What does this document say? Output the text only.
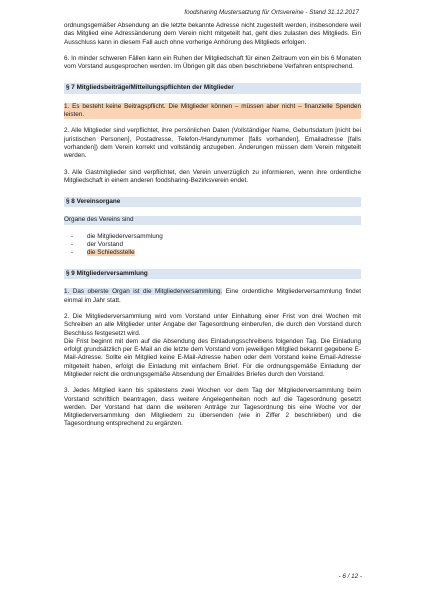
foodsharing Mustersatzung für Ortsvereine - Stand 31.12.2017

ordnungsgemäßer Absendung an die letzte bekannte Adresse nicht zugestellt werden, insbesondere weil das Mitglied eine Adressänderung dem Verein nicht mitgeteilt hat, geht dies zulasten des Mitglieds. Ein Ausschluss kann in diesem Fall auch ohne vorherige Anhörung des Mitglieds erfolgen.

6. In minder schweren Fällen kann ein Ruhen der Mitgliedschaft für einen Zeitraum von ein bis 6 Monaten vom Vorstand ausgesprochen werden. Im Übrigen gilt das oben beschriebene Verfahren entsprechend.

§ 7 Mitgliedsbeiträge/Mitteilungspflichten der Mitglieder

1. Es besteht keine Beitragspflicht. Die Mitglieder können – müssen aber nicht – finanzielle Spenden leisten.

2. Alle Mitglieder sind verpflichtet, ihre persönlichen Daten (Vollständiger Name, Geburtsdatum [nicht bei juristischen Personen], Postadresse, Telefon-/Handynummer [falls vorhanden], Emailadresse [falls vorhanden]) dem Verein korrekt und vollständig anzugeben. Änderungen müssen dem Verein mitgeteilt werden.

3. Alle Gastmitglieder sind verpflichtet, den Verein unverzüglich zu informieren, wenn ihre ordentliche Mitgliedschaft in einem anderen foodsharing-Bezirksverein endet.

§ 8 Vereinsorgane

Organe des Vereins sind

- die Mitgliederversammlung
- der Vorstand
- die Schiedsstelle
§ 9 Mitgliederversammlung

1. Das oberste Organ ist die Mitgliederversammlung. Eine ordentliche Mitgliederversammlung findet einmal im Jahr statt.

2. Die Mitgliederversammlung wird vom Vorstand unter Einhaltung einer Frist von drei Wochen mit Schreiben an alle Mitglieder unter Angabe der Tagesordnung einberufen, die durch den Vorstand durch Beschluss festgesetzt wird.

Die Frist beginnt mit dem auf die Absendung des Einladungsschreibens folgenden Tag. Die Einladung erfolgt grundsätzlich per E-Mail an die letzte dem Vorstand vom jeweiligen Mitglied bekannt gegebene E-Mail-Adresse. Sollte ein Mitglied keine E-Mail-Adresse haben oder dem Vorstand keine Email-Adresse mitgeteilt haben, erfolgt die Einladung mit einfachem Brief. Für die ordnungsgemäße Einladung der Mitglieder reicht die ordnungsgemäße Absendung der Email/des Briefes durch den Vorstand.

3. Jedes Mitglied kann bis spätestens zwei Wochen vor dem Tag der Mitgliederversammlung beim Vorstand schriftlich beantragen, dass weitere Angelegenheiten noch auf die Tagesordnung gesetzt werden. Der Vorstand hat dann die weiteren Anträge zur Tagesordnung bis eine Woche vor der Mitgliederversammlung den Mitgliedern zu übersenden (wie in Ziffer 2 beschrieben) und die Tagesordnung entsprechend zu ergänzen.

- 6 / 12 -
